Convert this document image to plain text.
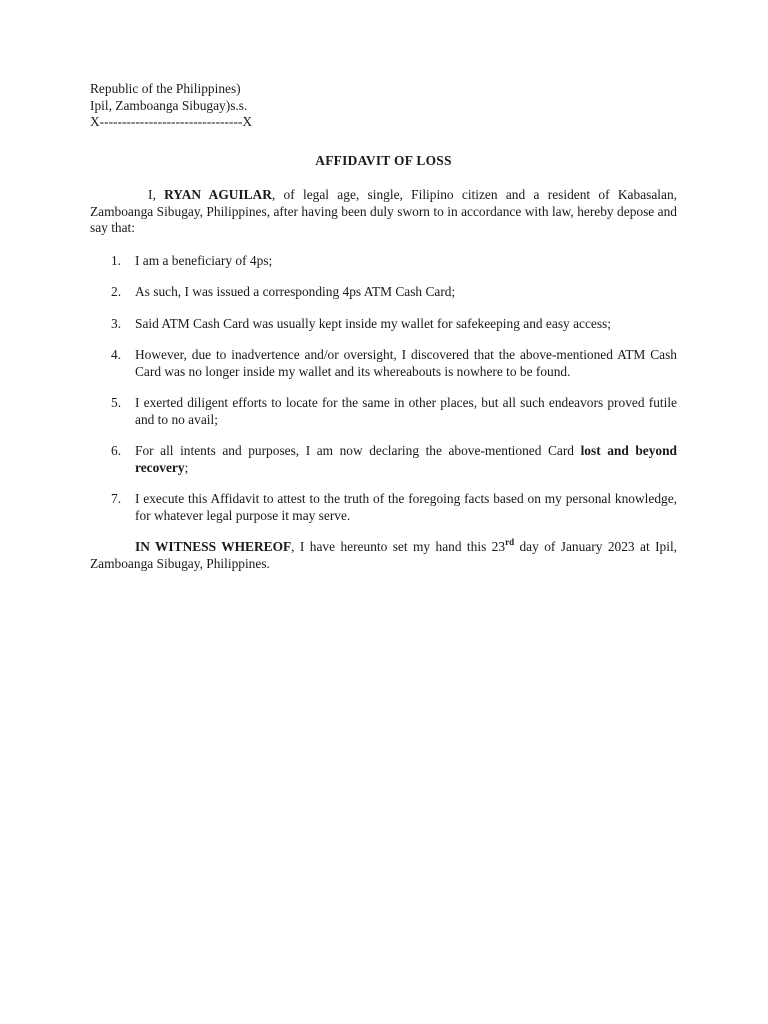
Republic of the Philippines)
Ipil, Zamboanga Sibugay)s.s.
X--------------------------------X
AFFIDAVIT OF LOSS

I, RYAN AGUILAR, of legal age, single, Filipino citizen and a resident of Kabasalan, Zamboanga Sibugay, Philippines, after having been duly sworn to in accordance with law, hereby depose and say that:

1. I am a beneficiary of 4ps;
2. As such, I was issued a corresponding 4ps ATM Cash Card;
3. Said ATM Cash Card was usually kept inside my wallet for safekeeping and easy access;
4. However, due to inadvertence and/or oversight, I discovered that the above-mentioned ATM Cash Card was no longer inside my wallet and its whereabouts is nowhere to be found.
5. I exerted diligent efforts to locate for the same in other places, but all such endeavors proved futile and to no avail;
6. For all intents and purposes, I am now declaring the above-mentioned Card lost and beyond recovery;
7. I execute this Affidavit to attest to the truth of the foregoing facts based on my personal knowledge, for whatever legal purpose it may serve.

IN WITNESS WHEREOF, I have hereunto set my hand this 23rd day of January 2023 at Ipil, Zamboanga Sibugay, Philippines.
